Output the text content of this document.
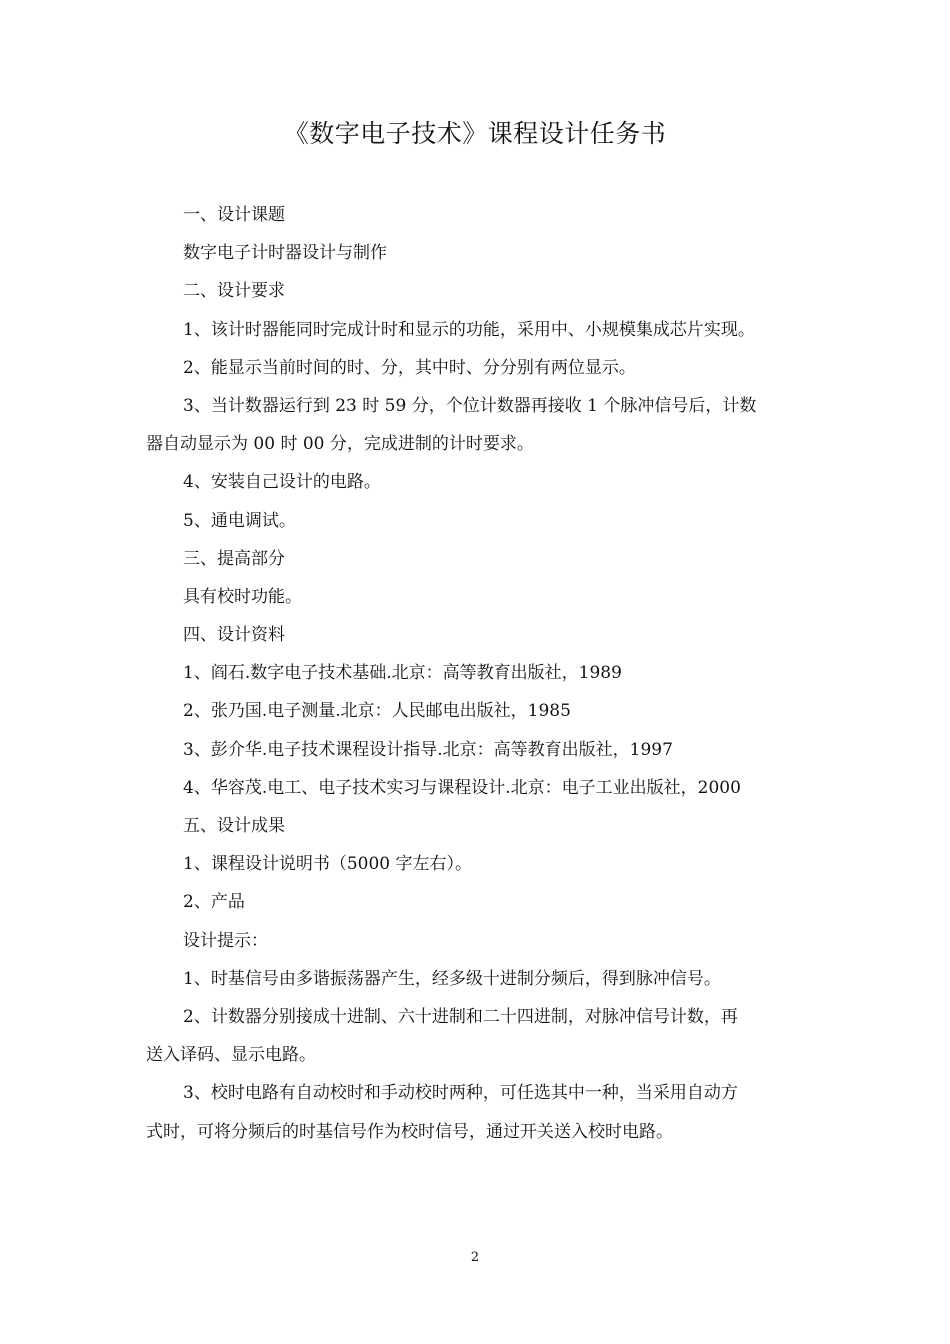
《数字电子技术》课程设计任务书
一、设计课题
数字电子计时器设计与制作
二、设计要求
1、该计时器能同时完成计时和显示的功能，采用中、小规模集成芯片实现。
2、能显示当前时间的时、分，其中时、分分别有两位显示。
3、当计数器运行到 23 时 59 分，个位计数器再接收 1 个脉冲信号后，计数
器自动显示为 00 时 00 分，完成进制的计时要求。
4、安装自己设计的电路。
5、通电调试。
三、提高部分
具有校时功能。
四、设计资料
1、阎石.数字电子技术基础.北京：高等教育出版社，1989
2、张乃国.电子测量.北京：人民邮电出版社，1985
3、彭介华.电子技术课程设计指导.北京：高等教育出版社，1997
4、华容茂.电工、电子技术实习与课程设计.北京：电子工业出版社，2000
五、设计成果
1、课程设计说明书（5000 字左右）。
2、产品
设计提示：
1、时基信号由多谐振荡器产生，经多级十进制分频后，得到脉冲信号。
2、计数器分别接成十进制、六十进制和二十四进制，对脉冲信号计数，再
送入译码、显示电路。
3、校时电路有自动校时和手动校时两种，可任选其中一种，当采用自动方
式时，可将分频后的时基信号作为校时信号，通过开关送入校时电路。
2
